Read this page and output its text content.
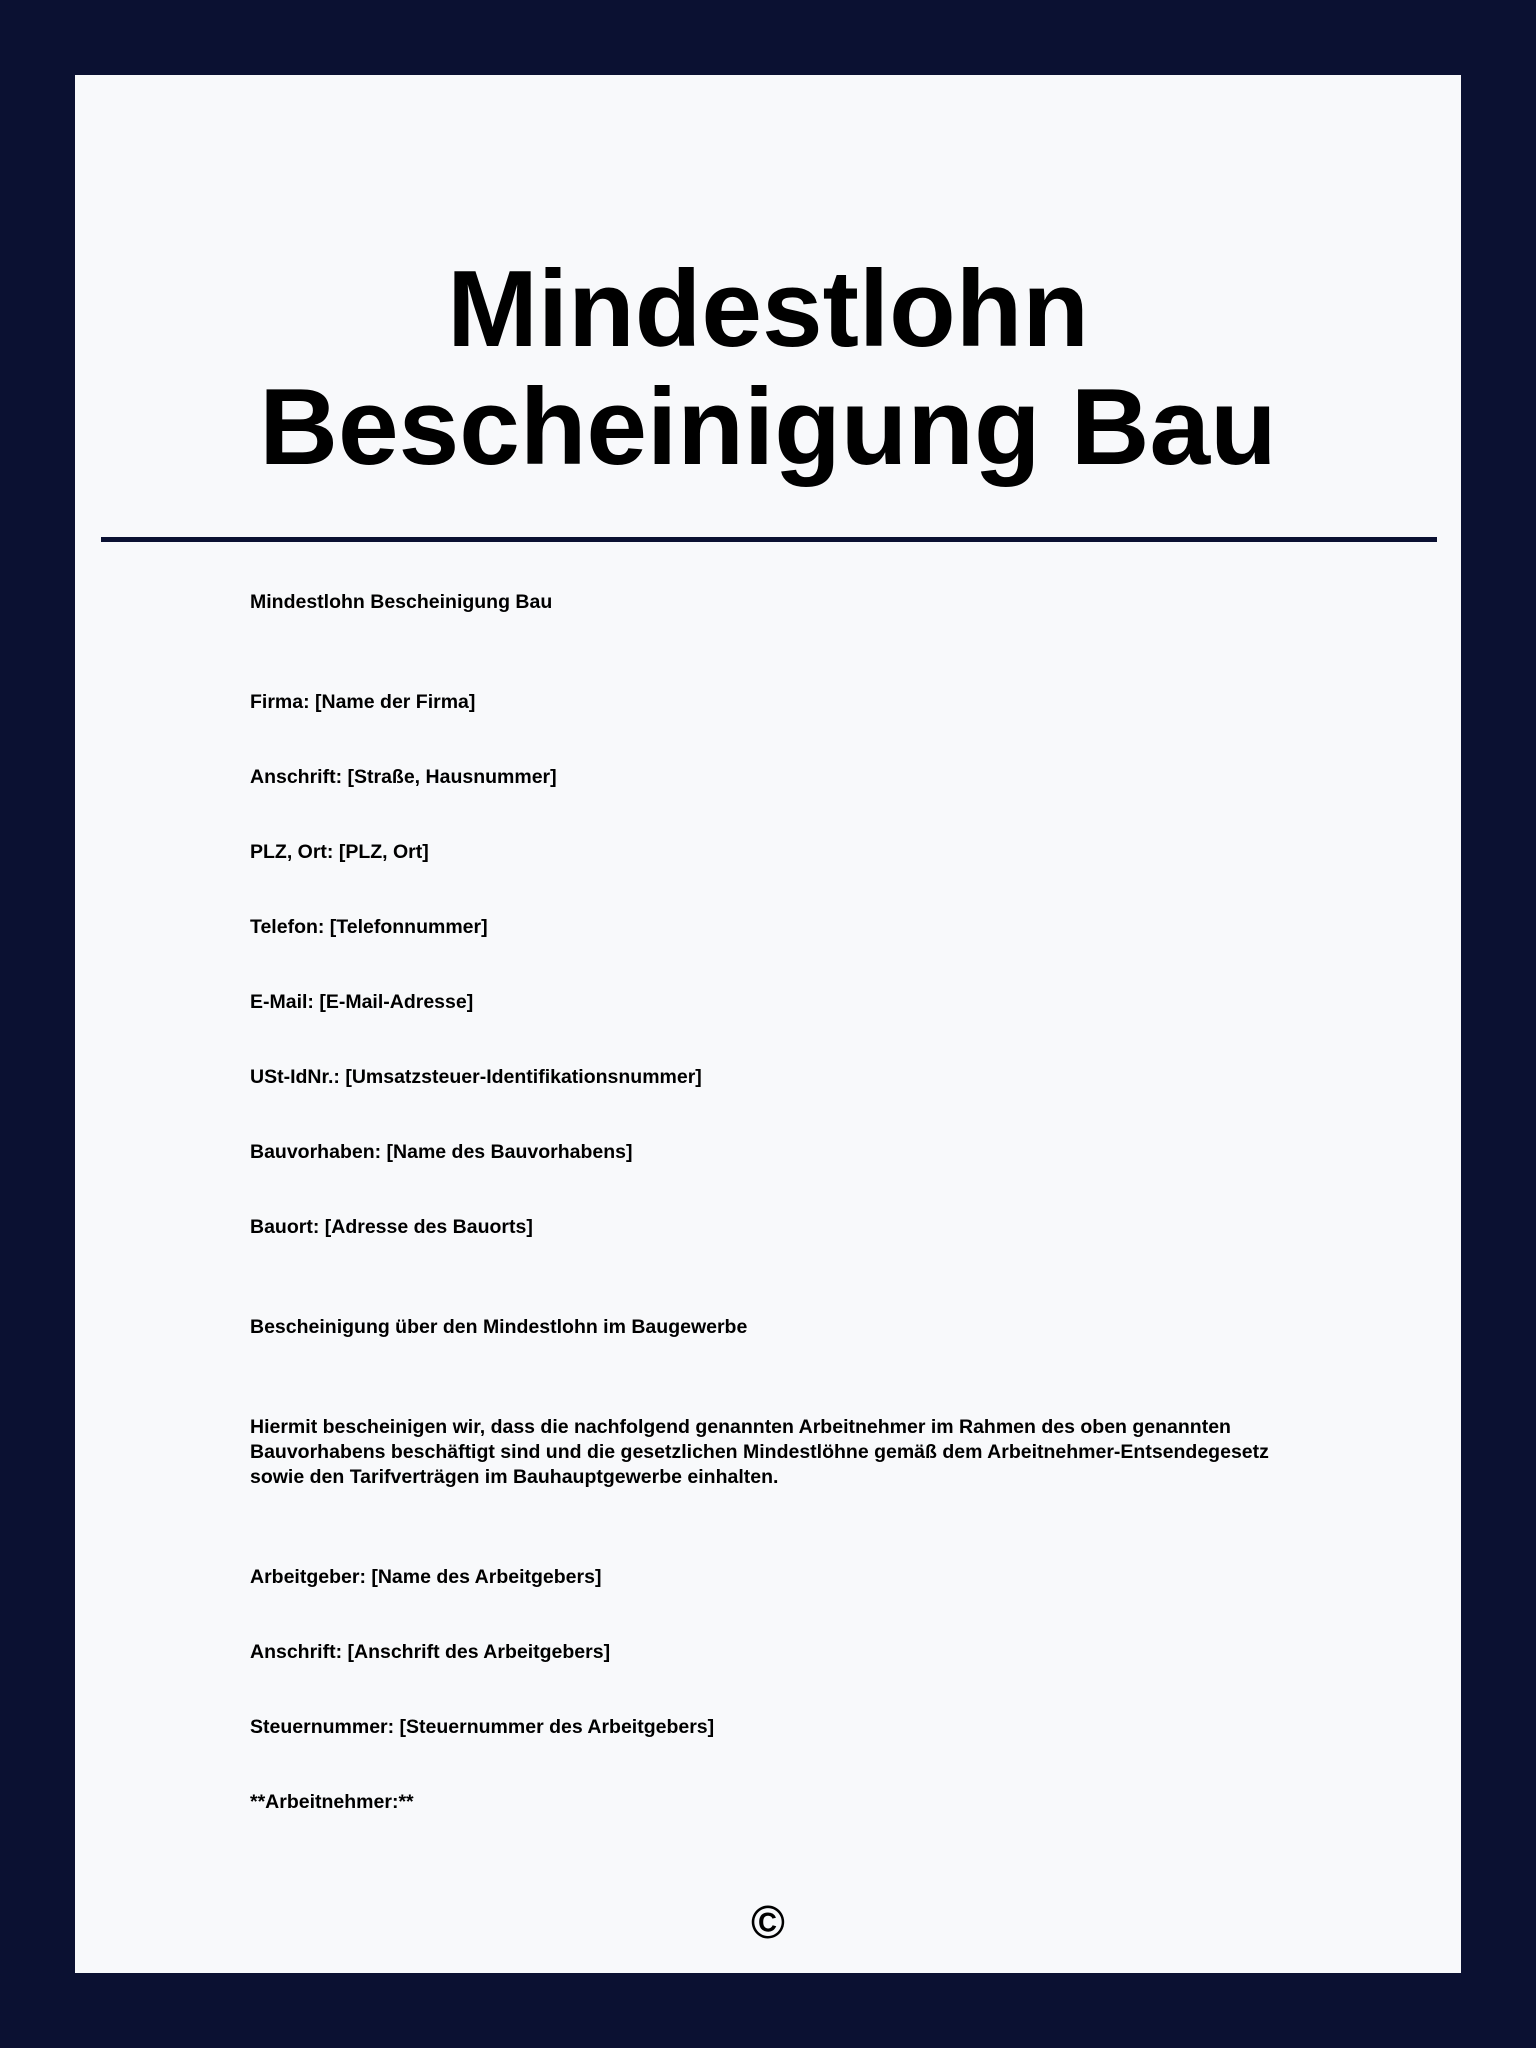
Mindestlohn Bescheinigung Bau
Mindestlohn Bescheinigung Bau
Firma: [Name der Firma]
Anschrift: [Straße, Hausnummer]
PLZ, Ort: [PLZ, Ort]
Telefon: [Telefonnummer]
E-Mail: [E-Mail-Adresse]
USt-IdNr.: [Umsatzsteuer-Identifikationsnummer]
Bauvorhaben: [Name des Bauvorhabens]
Bauort: [Adresse des Bauorts]
Bescheinigung über den Mindestlohn im Baugewerbe
Hiermit bescheinigen wir, dass die nachfolgend genannten Arbeitnehmer im Rahmen des oben genannten Bauvorhabens beschäftigt sind und die gesetzlichen Mindestlöhne gemäß dem Arbeitnehmer-Entsendegesetz sowie den Tarifverträgen im Bauhauptgewerbe einhalten.
Arbeitgeber: [Name des Arbeitgebers]
Anschrift: [Anschrift des Arbeitgebers]
Steuernummer: [Steuernummer des Arbeitgebers]
**Arbeitnehmer:**
©
